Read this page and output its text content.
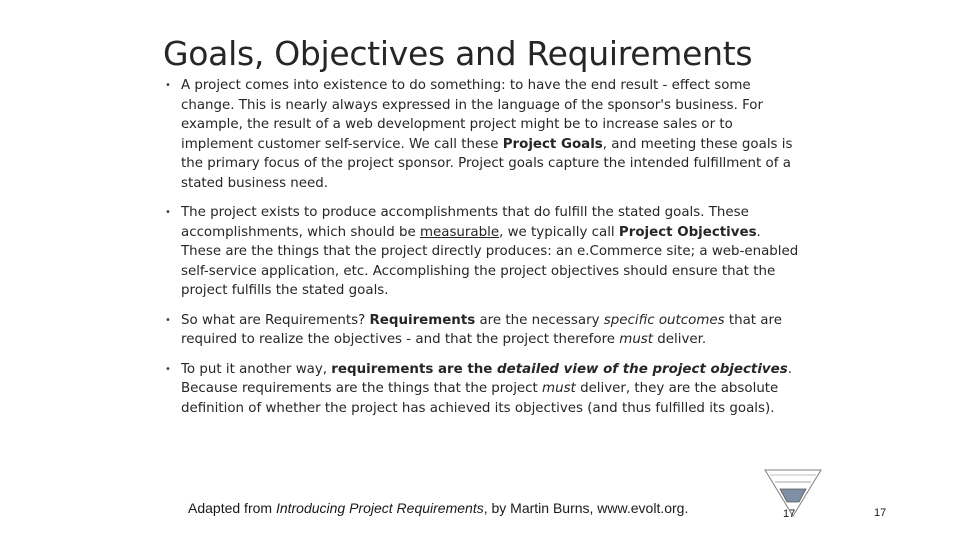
Goals, Objectives and Requirements
• A project comes into existence to do something: to have the end result - effect some change. This is nearly always expressed in the language of the sponsor's business. For example, the result of a web development project might be to increase sales or to implement customer self-service. We call these Project Goals, and meeting these goals is the primary focus of the project sponsor. Project goals capture the intended fulfillment of a stated business need.
• The project exists to produce accomplishments that do fulfill the stated goals. These accomplishments, which should be measurable, we typically call Project Objectives. These are the things that the project directly produces: an e.Commerce site; a web-enabled self-service application, etc. Accomplishing the project objectives should ensure that the project fulfills the stated goals.
• So what are Requirements? Requirements are the necessary specific outcomes that are required to realize the objectives - and that the project therefore must deliver.
• To put it another way, requirements are the detailed view of the project objectives. Because requirements are the things that the project must deliver, they are the absolute definition of whether the project has achieved its objectives (and thus fulfilled its goals).
Adapted from Introducing Project Requirements, by Martin Burns, www.evolt.org.	17	17
